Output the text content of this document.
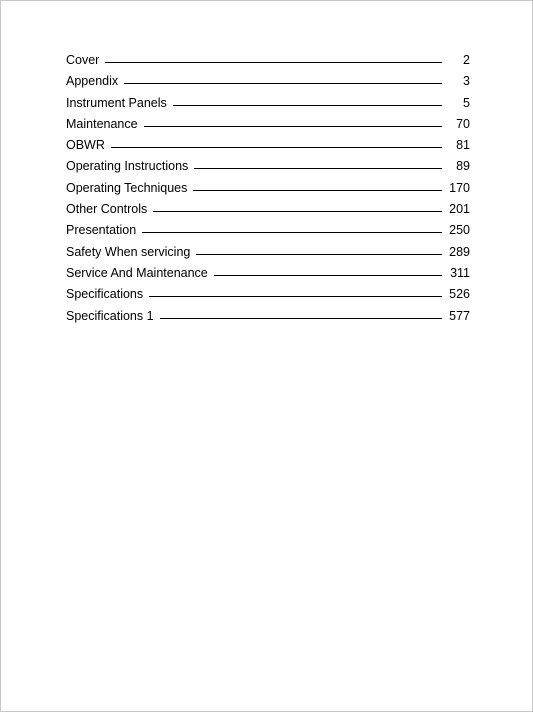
Cover	2
Appendix	3
Instrument Panels	5
Maintenance	70
OBWR	81
Operating Instructions	89
Operating Techniques	170
Other Controls	201
Presentation	250
Safety When servicing	289
Service And Maintenance	311
Specifications	526
Specifications 1	577
